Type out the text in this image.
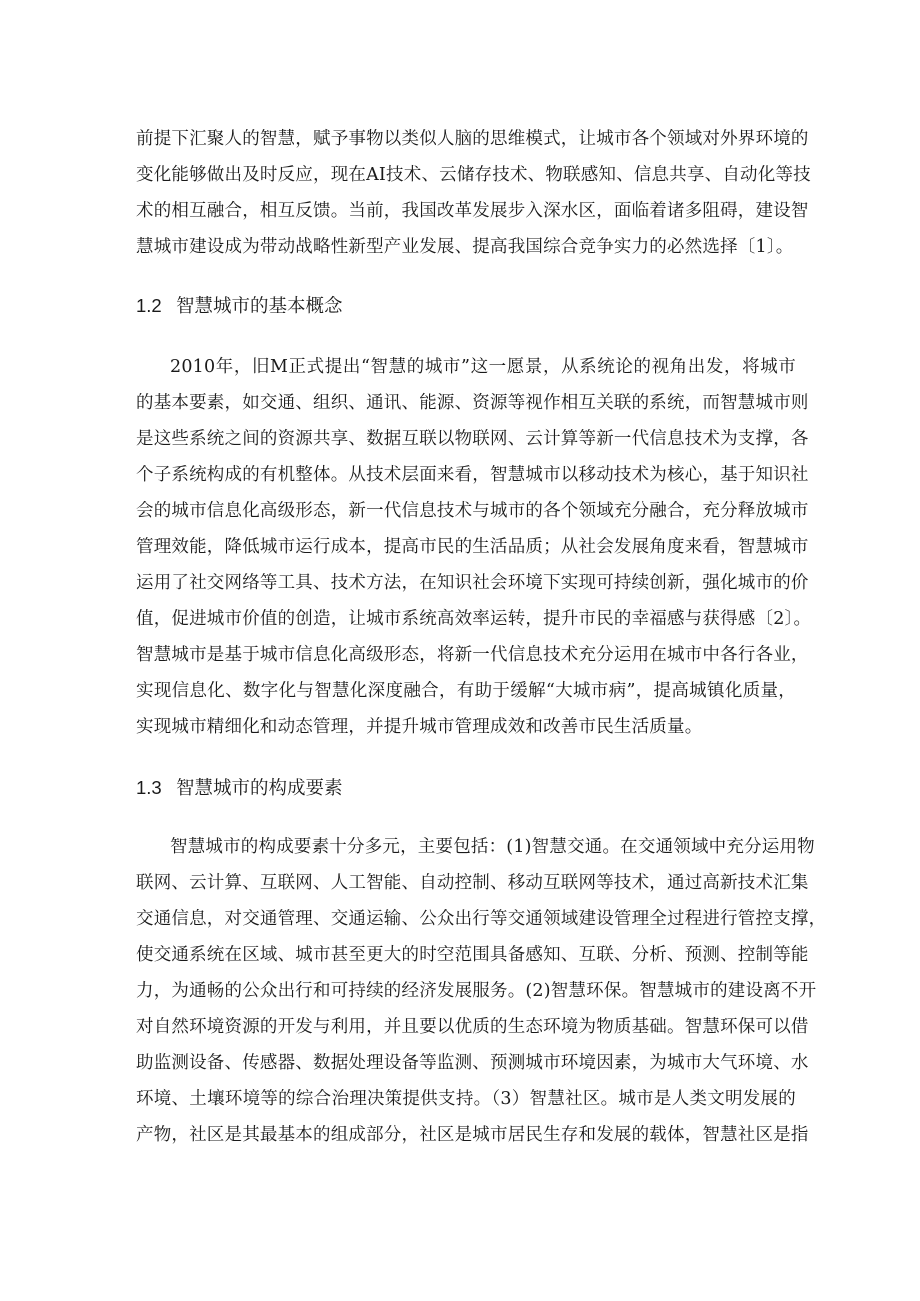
前提下汇聚人的智慧，赋予事物以类似人脑的思维模式，让城市各个领域对外界环境的
变化能够做出及时反应，现在AI技术、云储存技术、物联感知、信息共享、自动化等技
术的相互融合，相互反馈。当前，我国改革发展步入深水区，面临着诸多阻碍，建设智
慧城市建设成为带动战略性新型产业发展、提高我国综合竞争实力的必然选择〔1〕。
1.2 智慧城市的基本概念
2010年，旧M正式提出“智慧的城市”这一愿景，从系统论的视角出发，将城市
的基本要素，如交通、组织、通讯、能源、资源等视作相互关联的系统，而智慧城市则
是这些系统之间的资源共享、数据互联以物联网、云计算等新一代信息技术为支撑，各
个子系统构成的有机整体。从技术层面来看，智慧城市以移动技术为核心，基于知识社
会的城市信息化高级形态，新一代信息技术与城市的各个领域充分融合，充分释放城市
管理效能，降低城市运行成本，提高市民的生活品质；从社会发展角度来看，智慧城市
运用了社交网络等工具、技术方法，在知识社会环境下实现可持续创新，强化城市的价
值，促进城市价值的创造，让城市系统高效率运转，提升市民的幸福感与获得感〔2〕。
智慧城市是基于城市信息化高级形态，将新一代信息技术充分运用在城市中各行各业，
实现信息化、数字化与智慧化深度融合，有助于缓解“大城市病”，提高城镇化质量，
实现城市精细化和动态管理，并提升城市管理成效和改善市民生活质量。
1.3 智慧城市的构成要素
智慧城市的构成要素十分多元，主要包括：(1)智慧交通。在交通领域中充分运用物
联网、云计算、互联网、人工智能、自动控制、移动互联网等技术，通过高新技术汇集
交通信息，对交通管理、交通运输、公众出行等交通领域建设管理全过程进行管控支撑，
使交通系统在区域、城市甚至更大的时空范围具备感知、互联、分析、预测、控制等能
力，为通畅的公众出行和可持续的经济发展服务。(2)智慧环保。智慧城市的建设离不开
对自然环境资源的开发与利用，并且要以优质的生态环境为物质基础。智慧环保可以借
助监测设备、传感器、数据处理设备等监测、预测城市环境因素，为城市大气环境、水
环境、土壤环境等的综合治理决策提供支持。（3）智慧社区。城市是人类文明发展的
产物，社区是其最基本的组成部分，社区是城市居民生存和发展的载体，智慧社区是指
